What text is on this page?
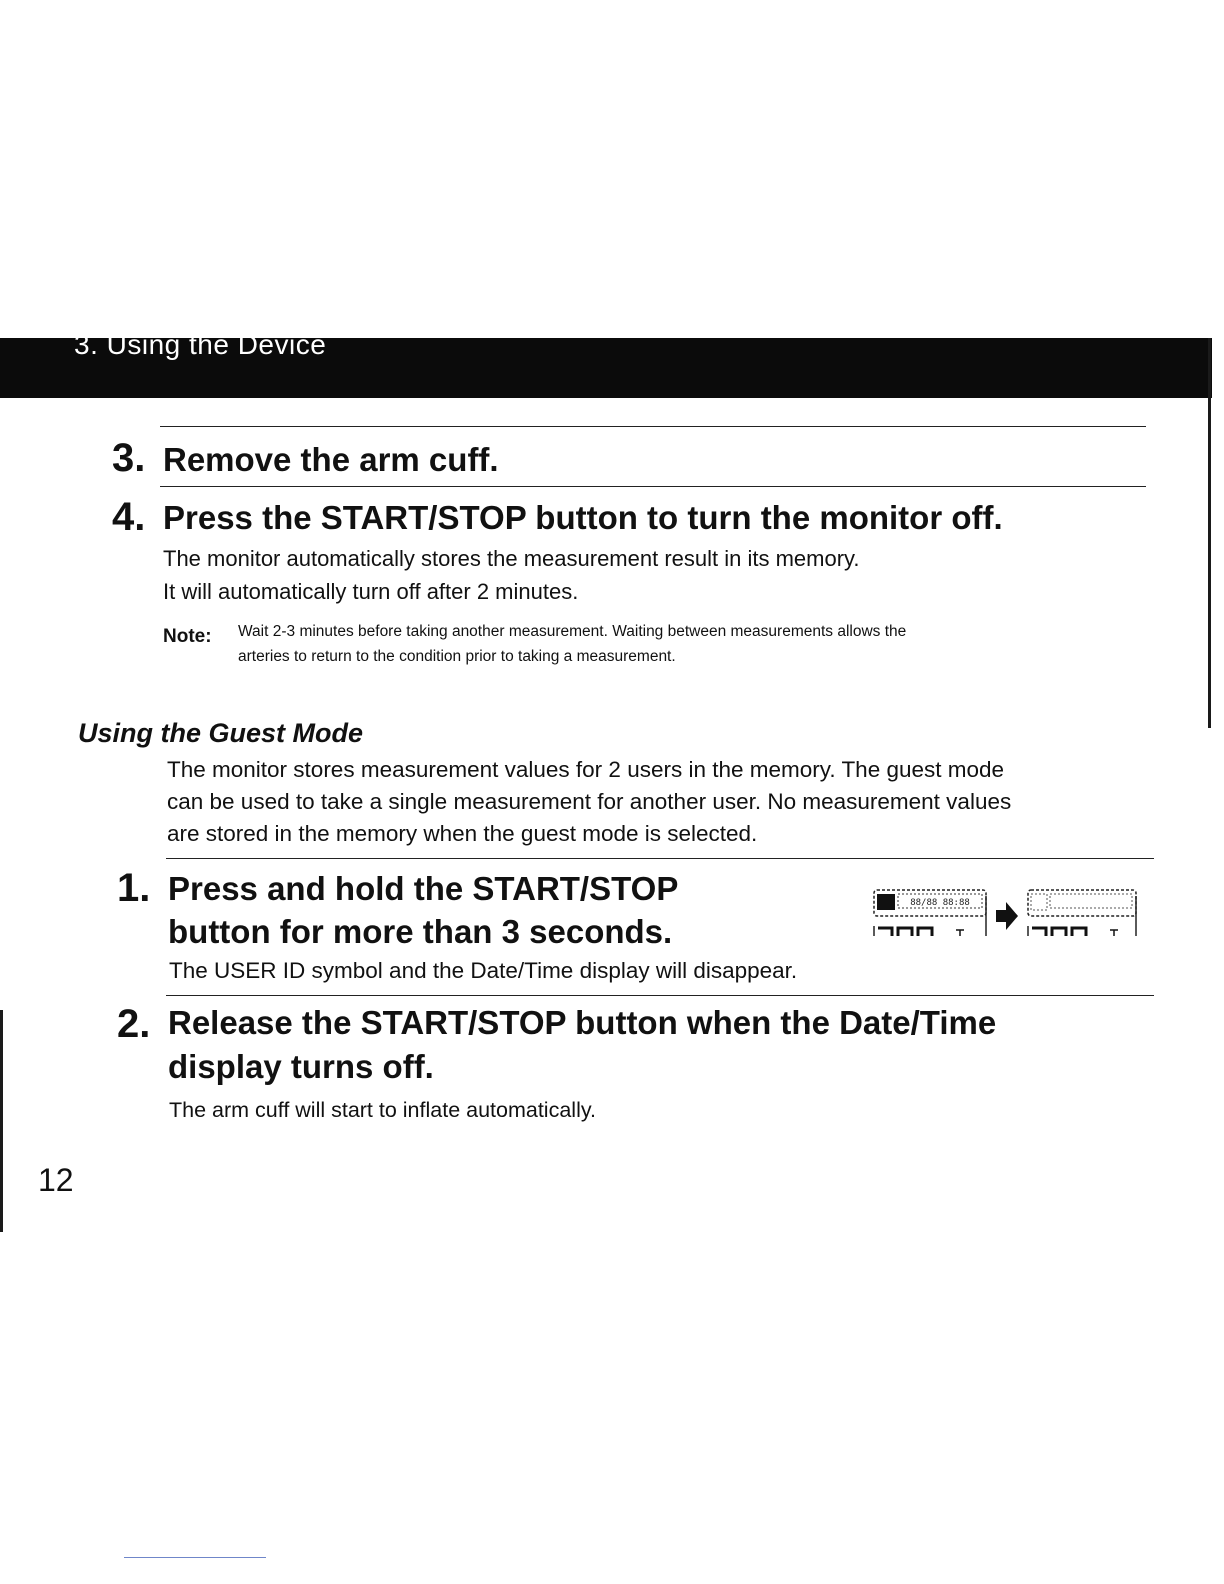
3. Using the Device
3. Remove the arm cuff.
4. Press the START/STOP button to turn the monitor off.
The monitor automatically stores the measurement result in its memory.
It will automatically turn off after 2 minutes.
Note: Wait 2-3 minutes before taking another measurement. Waiting between measurements allows the
arteries to return to the condition prior to taking a measurement.
Using the Guest Mode
The monitor stores measurement values for 2 users in the memory. The guest mode
can be used to take a single measurement for another user. No measurement values
are stored in the memory when the guest mode is selected.
1. Press and hold the START/STOP
button for more than 3 seconds.
88/88 88:88
The USER ID symbol and the Date/Time display will disappear.
2. Release the START/STOP button when the Date/Time
display turns off.
The arm cuff will start to inflate automatically.
12
